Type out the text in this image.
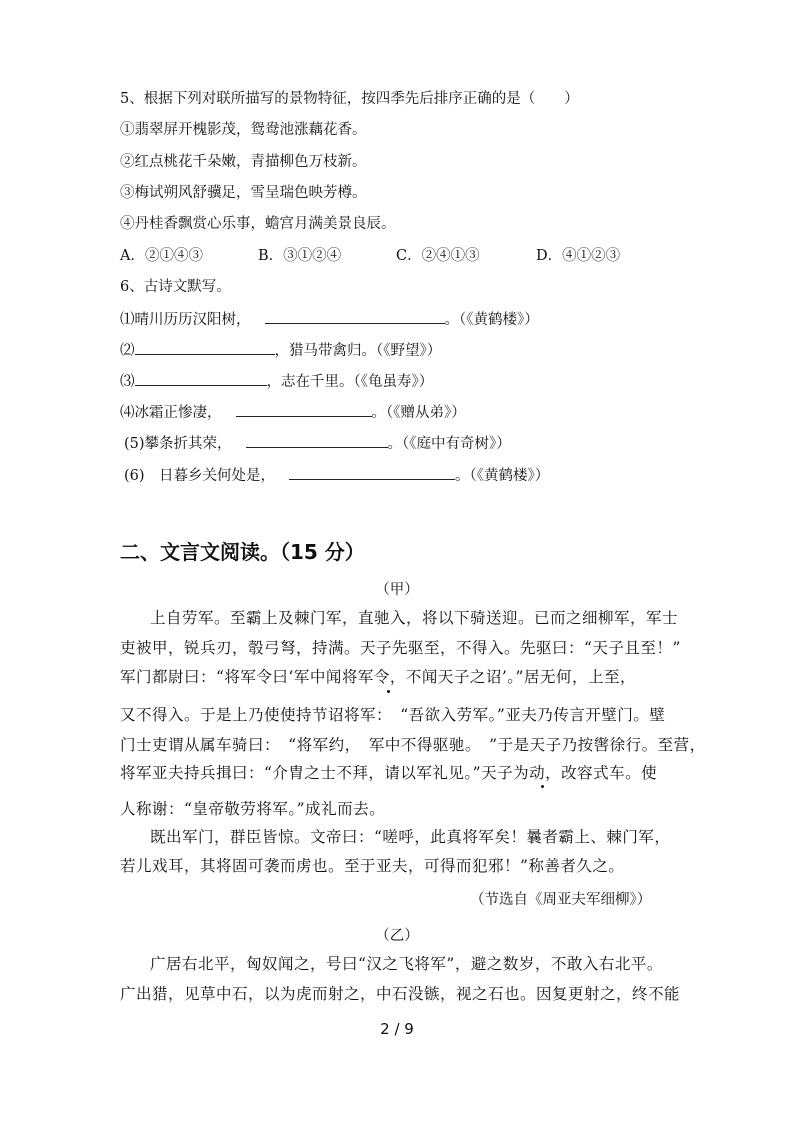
5、根据下列对联所描写的景物特征，按四季先后排序正确的是（　　）
①翡翠屏开槐影茂，鸳鸯池涨藕花香。
②红点桃花千朵嫩，青描柳色万枝新。
③梅试朔风舒骥足，雪呈瑞色映芳樽。
④丹桂香飘赏心乐事，蟾宫月满美景良辰。
A．②①④③	B．③①②④	C．②④①③	D．④①②③
6、古诗文默写。
⑴晴川历历汉阳树，	。（《黄鹤楼》）
⑵	，猎马带禽归。（《野望》）
⑶	，志在千里。（《龟虽寿》）
⑷冰霜正惨凄，	。（《赠从弟》）
(5)攀条折其荣，	。（《庭中有奇树》）
(6)　日暮乡关何处是，	。（《黄鹤楼》）
二、文言文阅读。（15 分）
（甲）
上自劳军。至霸上及棘门军，直驰入，将以下骑送迎。已而之细柳军，军士
吏被甲，锐兵刃，彀弓弩，持满。天子先驱至，不得入。先驱曰：“天子且至！”
军门都尉曰：“将军令曰‘军中闻将军令，不闻天子之诏’。”居无何，上至，
又不得入。于是上乃使使持节诏将军：　“吾欲入劳军。”亚夫乃传言开壁门。壁
门士吏谓从属车骑曰：　“将军约，　军中不得驱驰。　”于是天子乃按辔徐行。至营，
将军亚夫持兵揖曰：“介胄之士不拜，请以军礼见。”天子为动，改容式车。使
人称谢：“皇帝敬劳将军。”成礼而去。
既出军门，群臣皆惊。文帝曰：“嗟呼，此真将军矣！曩者霸上、棘门军，
若儿戏耳，其将固可袭而虏也。至于亚夫，可得而犯邪！”称善者久之。
（节选自《周亚夫军细柳》）
（乙）
广居右北平，匈奴闻之，号曰“汉之飞将军”，避之数岁，不敢入右北平。
广出猎，见草中石，以为虎而射之，中石没镞，视之石也。因复更射之，终不能
2 / 9
